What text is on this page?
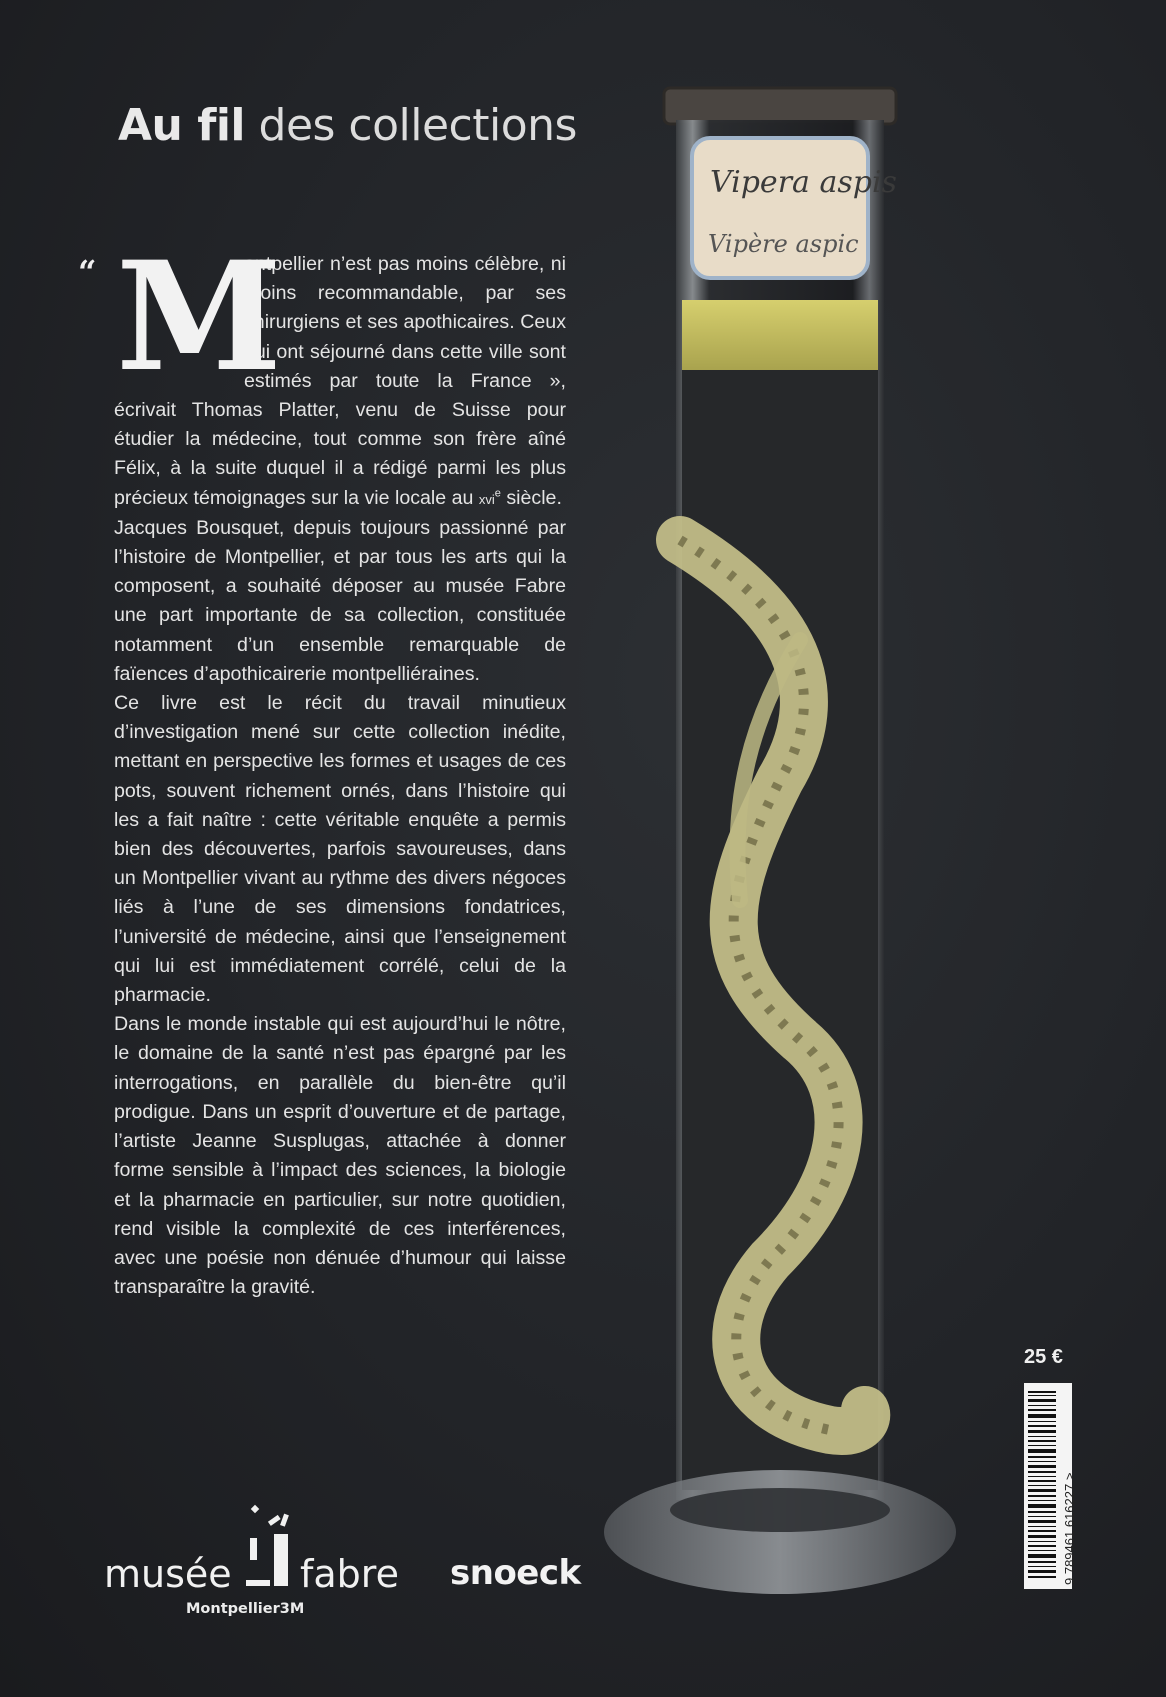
Au fil des collections

“ M
ontpellier n’est pas moins célèbre, ni moins recommandable, par ses chirurgiens et ses apothicaires. Ceux qui ont séjourné dans cette ville sont estimés par toute la France », écrivait Thomas Platter, venu de Suisse pour étudier la médecine, tout comme son frère aîné Félix, à la suite duquel il a rédigé parmi les plus précieux témoignages sur la vie locale au xvi$^e$ siècle.

Jacques Bousquet, depuis toujours passionné par l’histoire de Montpellier, et par tous les arts qui la composent, a souhaité déposer au musée Fabre une part importante de sa collection, constituée notamment d’un ensemble remarquable de faïences d’apothicairerie montpelliéraines.

Ce livre est le récit du travail minutieux d’investigation mené sur cette collection inédite, mettant en perspective les formes et usages de ces pots, souvent richement ornés, dans l’histoire qui les a fait naître : cette véritable enquête a permis bien des découvertes, parfois savoureuses, dans un Montpellier vivant au rythme des divers négoces liés à l’une de ses dimensions fondatrices, l’université de médecine, ainsi que l’enseignement qui lui est immédiatement corrélé, celui de la pharmacie.

Dans le monde instable qui est aujourd’hui le nôtre, le domaine de la santé n’est pas épargné par les interrogations, en parallèle du bien-être qu’il prodigue. Dans un esprit d’ouverture et de partage, l’artiste Jeanne Susplugas, attachée à donner forme sensible à l’impact des sciences, la biologie et la pharmacie en particulier, sur notre quotidien, rend visible la complexité de ces interférences, avec une poésie non dénuée d’humour qui laisse transparaître la gravité.

Vipera aspis
Vipère aspic
25 €
9 789461 616227 >
musée fabre
Montpellier3M
snoeck
